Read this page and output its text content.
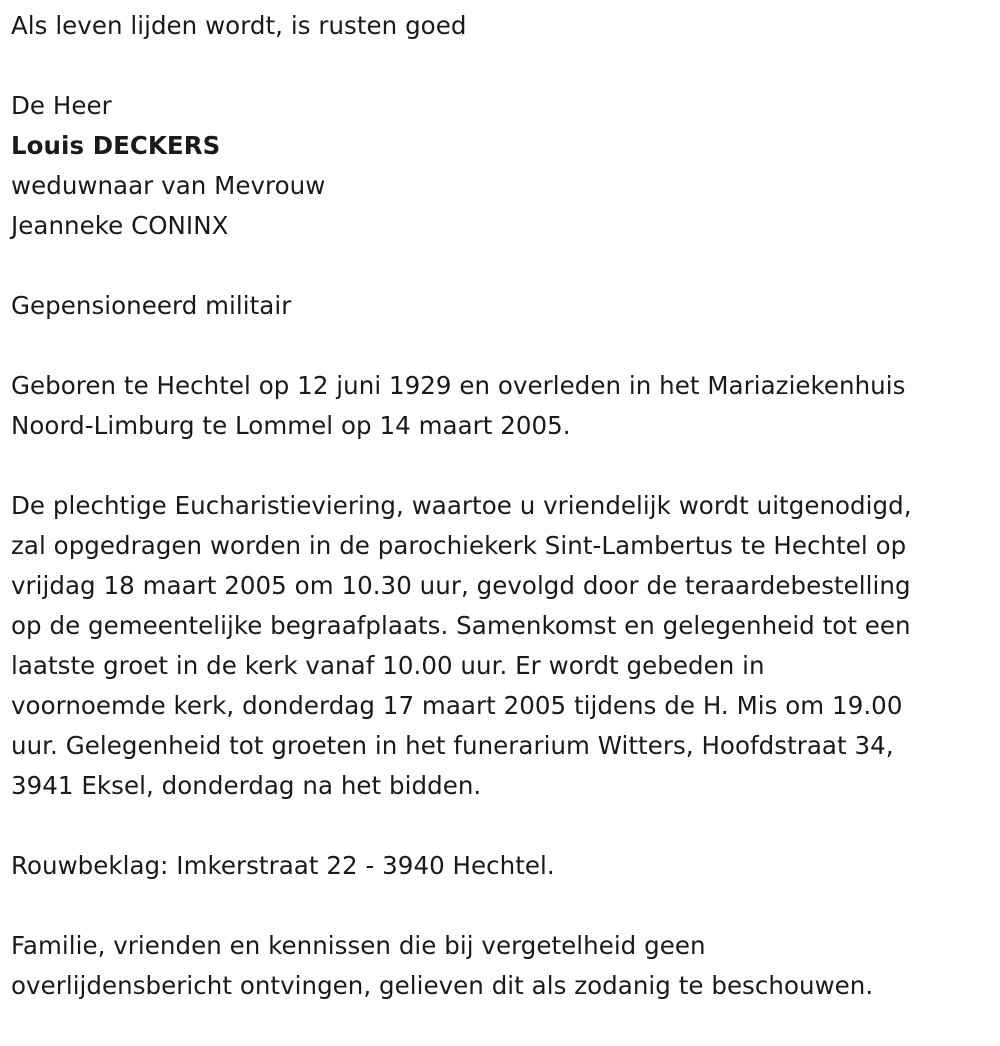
Als leven lijden wordt, is rusten goed

De Heer

Louis DECKERS

weduwnaar van Mevrouw

Jeanneke CONINX

Gepensioneerd militair

Geboren te Hechtel op 12 juni 1929 en overleden in het Mariaziekenhuis
Noord-Limburg te Lommel op 14 maart 2005.
De plechtige Eucharistieviering, waartoe u vriendelijk wordt uitgenodigd,
zal opgedragen worden in de parochiekerk Sint-Lambertus te Hechtel op
vrijdag 18 maart 2005 om 10.30 uur, gevolgd door de teraardebestelling
op de gemeentelijke begraafplaats. Samenkomst en gelegenheid tot een
laatste groet in de kerk vanaf 10.00 uur. Er wordt gebeden in
voornoemde kerk, donderdag 17 maart 2005 tijdens de H. Mis om 19.00
uur. Gelegenheid tot groeten in het funerarium Witters, Hoofdstraat 34,
3941 Eksel, donderdag na het bidden.

Rouwbeklag: Imkerstraat 22 - 3940 Hechtel.

Familie, vrienden en kennissen die bij vergetelheid geen
overlijdensbericht ontvingen, gelieven dit als zodanig te beschouwen.
